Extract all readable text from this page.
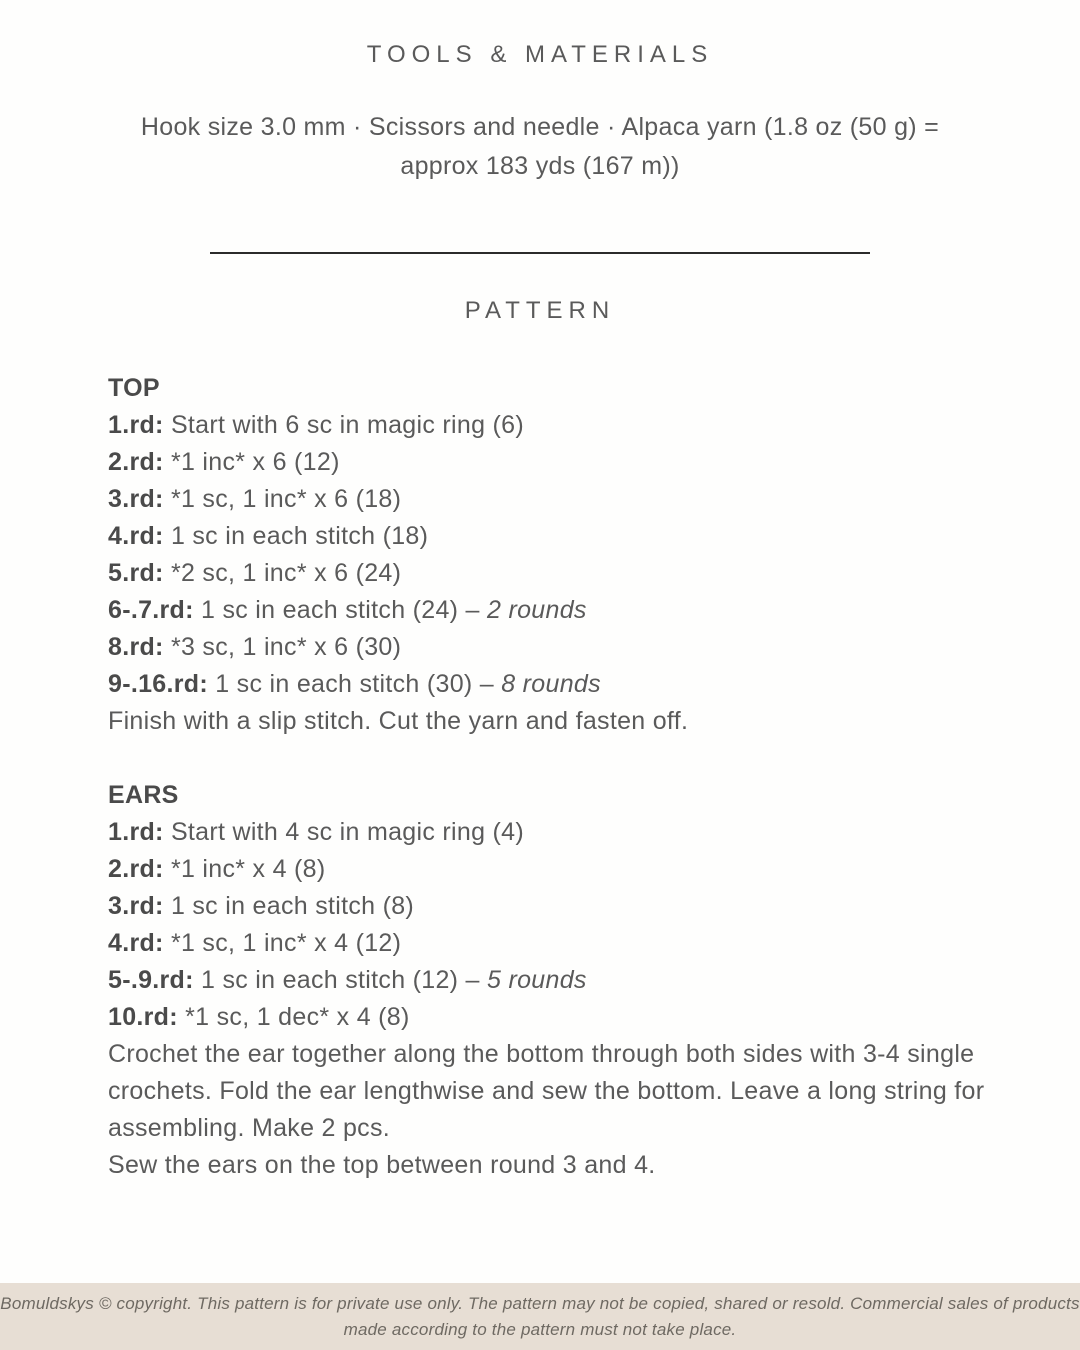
TOOLS & MATERIALS

Hook size 3.0 mm · Scissors and needle · Alpaca yarn (1.8 oz (50 g) =
approx 183 yds (167 m))

PATTERN

TOP

1.rd: Start with 6 sc in magic ring (6)

2.rd: *1 inc* x 6 (12)

3.rd: *1 sc, 1 inc* x 6 (18)

4.rd: 1 sc in each stitch (18)

5.rd: *2 sc, 1 inc* x 6 (24)

6-.7.rd: 1 sc in each stitch (24) – 2 rounds

8.rd: *3 sc, 1 inc* x 6 (30)

9-.16.rd: 1 sc in each stitch (30) – 8 rounds

Finish with a slip stitch. Cut the yarn and fasten off.

EARS

1.rd: Start with 4 sc in magic ring (4)

2.rd: *1 inc* x 4 (8)

3.rd: 1 sc in each stitch (8)

4.rd: *1 sc, 1 inc* x 4 (12)

5-.9.rd: 1 sc in each stitch (12) – 5 rounds

10.rd: *1 sc, 1 dec* x 4 (8)

Crochet the ear together along the bottom through both sides with 3-4 single crochets. Fold the ear lengthwise and sew the bottom. Leave a long string for assembling. Make 2 pcs.

Sew the ears on the top between round 3 and 4.

Bomuldskys © copyright. This pattern is for private use only. The pattern may not be copied, shared or resold. Commercial sales of products
made according to the pattern must not take place.
